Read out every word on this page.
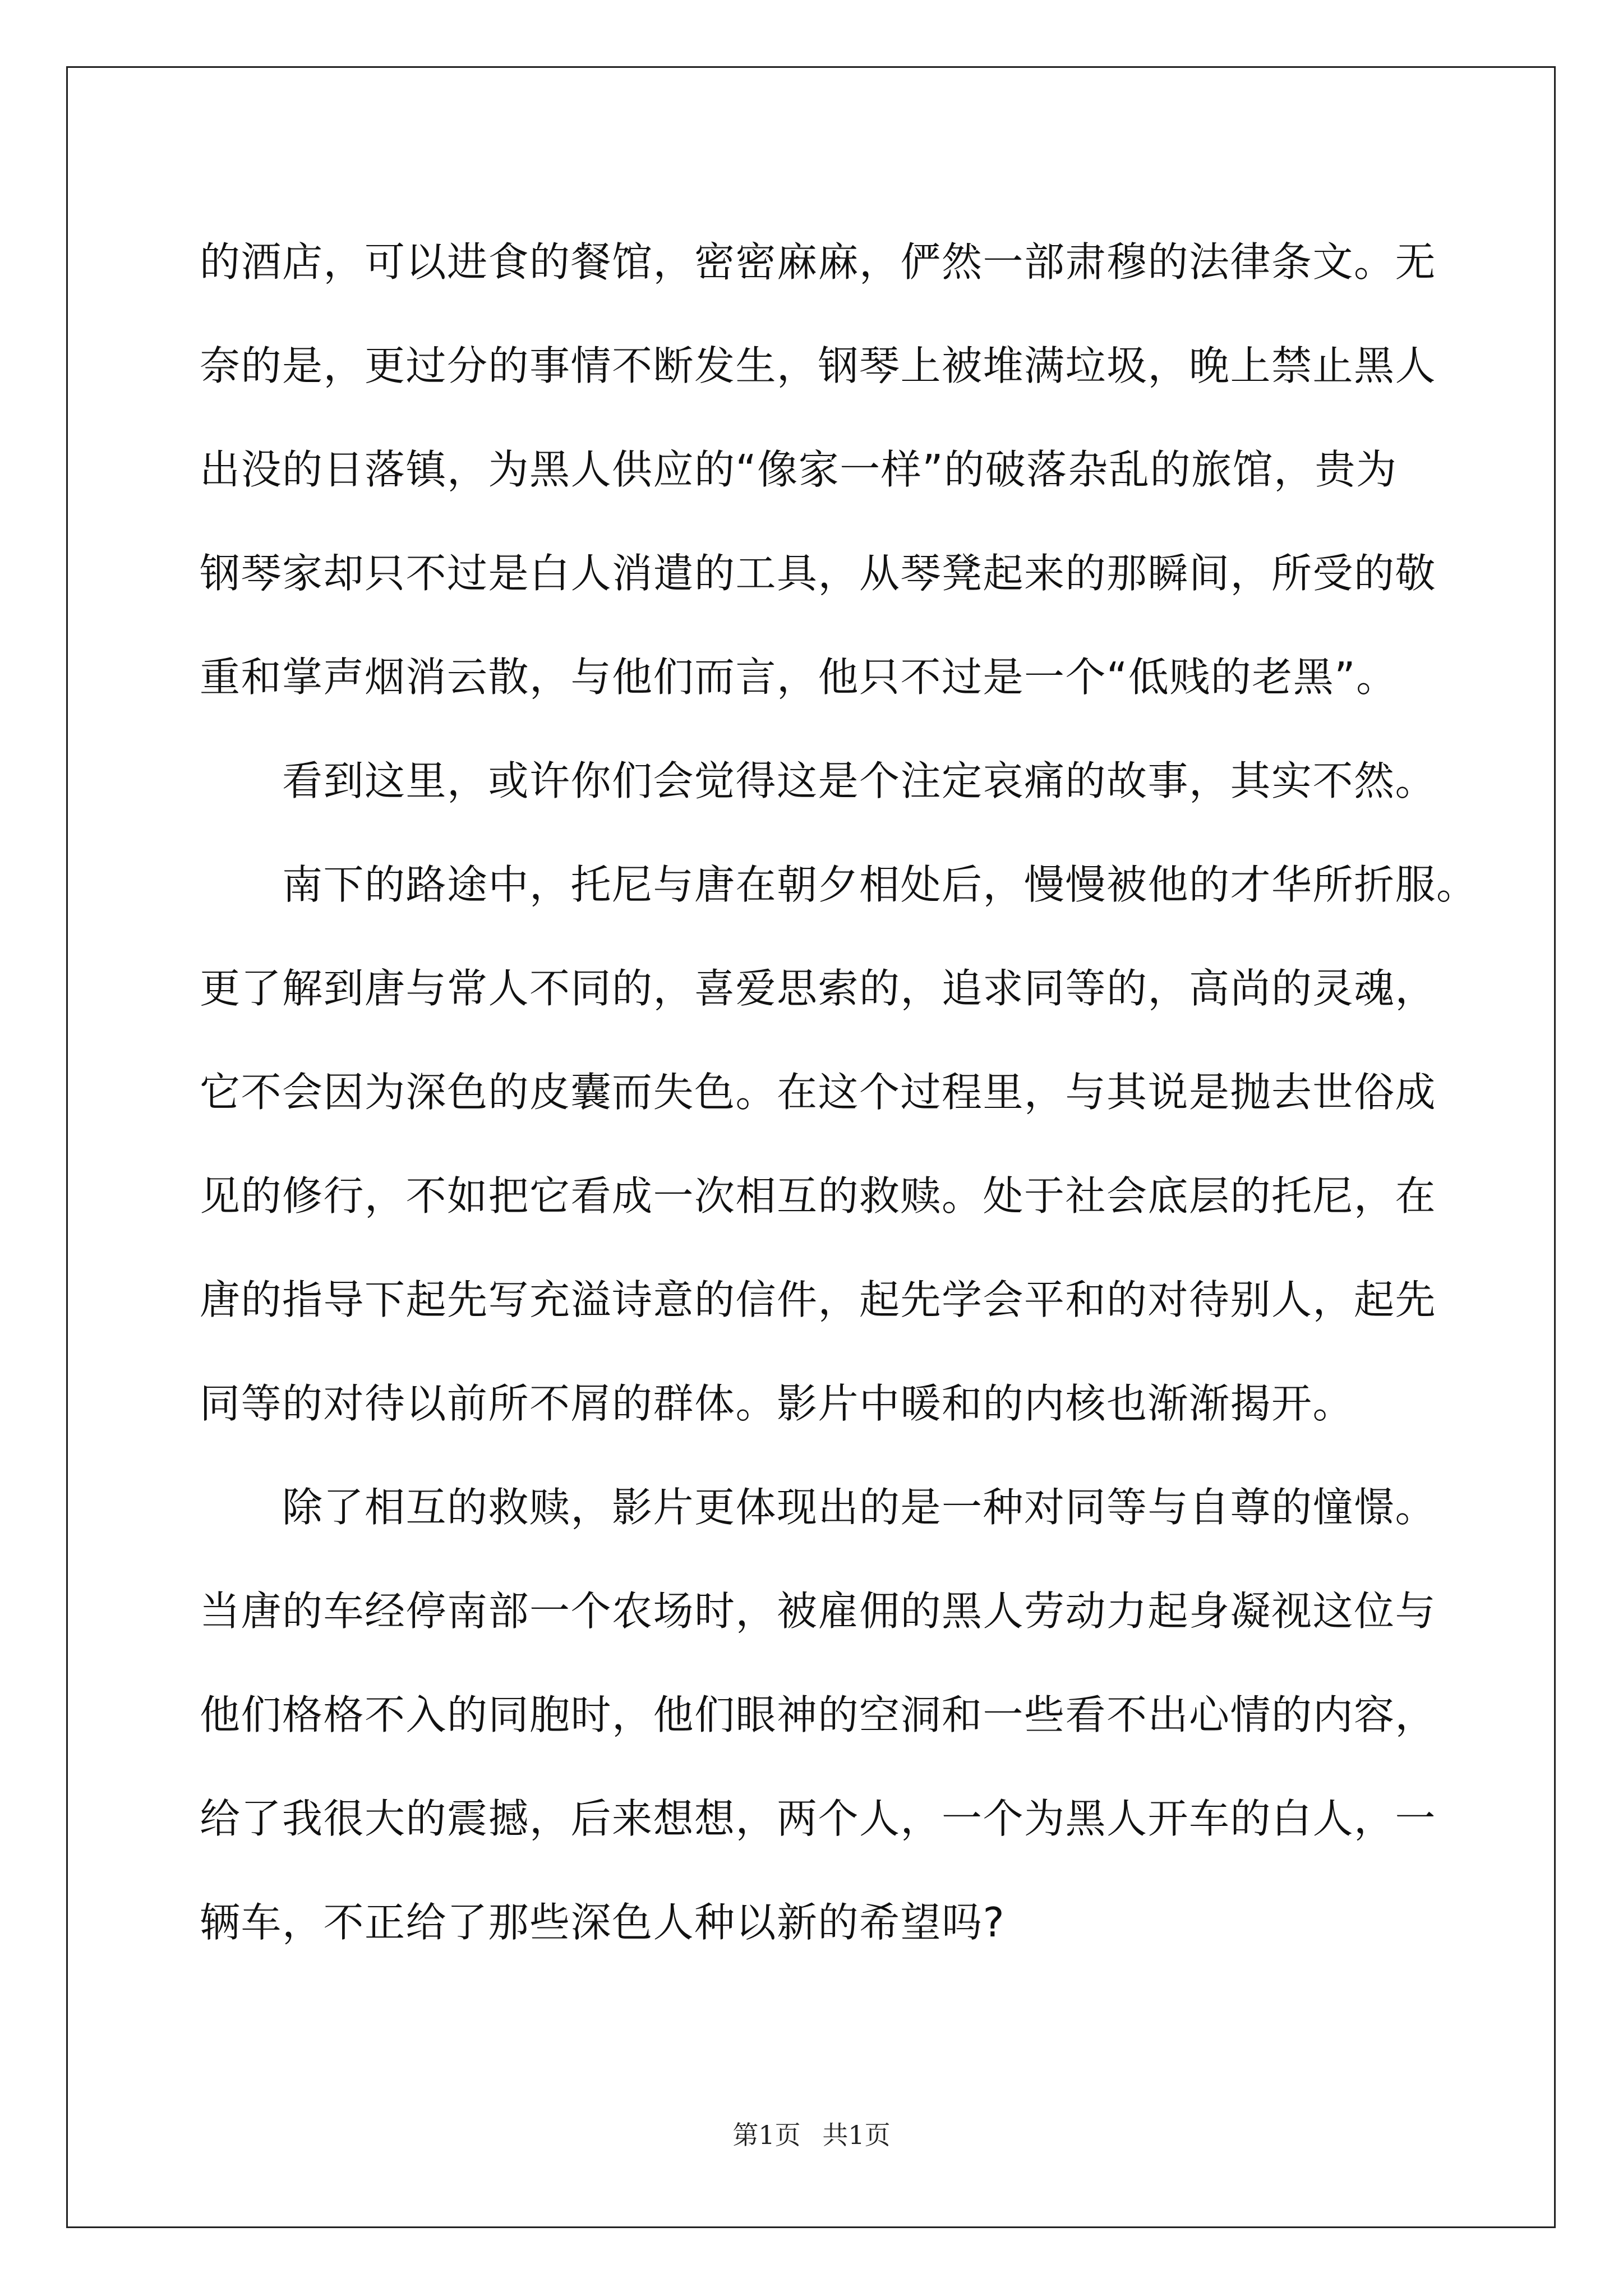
的酒店，可以进食的餐馆，密密麻麻，俨然一部肃穆的法律条文。无
奈的是，更过分的事情不断发生，钢琴上被堆满垃圾，晚上禁止黑人
出没的日落镇，为黑人供应的“像家一样”的破落杂乱的旅馆，贵为
钢琴家却只不过是白人消遣的工具，从琴凳起来的那瞬间，所受的敬
重和掌声烟消云散，与他们而言，他只不过是一个“低贱的老黑”。
　　看到这里，或许你们会觉得这是个注定哀痛的故事，其实不然。
　　南下的路途中，托尼与唐在朝夕相处后，慢慢被他的才华所折服。
更了解到唐与常人不同的，喜爱思索的，追求同等的，高尚的灵魂，
它不会因为深色的皮囊而失色。在这个过程里，与其说是抛去世俗成
见的修行，不如把它看成一次相互的救赎。处于社会底层的托尼，在
唐的指导下起先写充溢诗意的信件，起先学会平和的对待别人，起先
同等的对待以前所不屑的群体。影片中暖和的内核也渐渐揭开。
　　除了相互的救赎，影片更体现出的是一种对同等与自尊的憧憬。
当唐的车经停南部一个农场时，被雇佣的黑人劳动力起身凝视这位与
他们格格不入的同胞时，他们眼神的空洞和一些看不出心情的内容，
给了我很大的震撼，后来想想，两个人，一个为黑人开车的白人，一
辆车，不正给了那些深色人种以新的希望吗?
第1页 共1页
